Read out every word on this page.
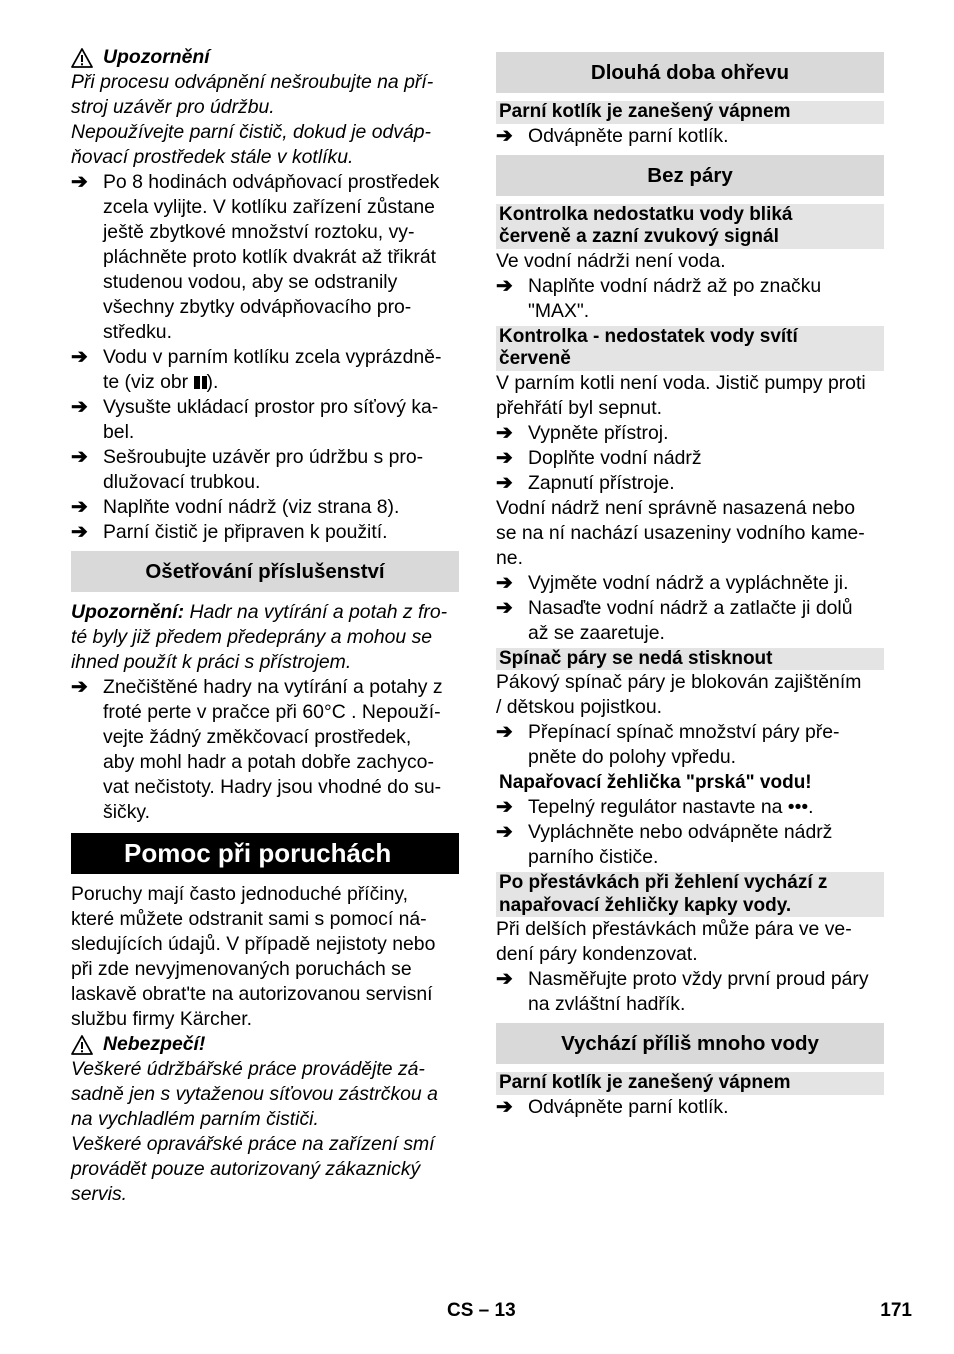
Upozornění

Při procesu odvápnění nešroubujte na pří-

stroj uzávěr pro údržbu.

Nepoužívejte parní čistič, dokud je odváp-

ňovací prostředek stále v kotlíku.

➔ Po 8 hodinách odvápňovací prostředek

zcela vylijte. V kotlíku zařízení zůstane

ještě zbytkové množství roztoku, vy-

pláchněte proto kotlík dvakrát až třikrát

studenou vodou, aby se odstranily

všechny zbytky odvápňovacího pro-

středku.

➔ Vodu v parním kotlíku zcela vyprázdně-

te (viz obr ).

➔ Vysušte ukládací prostor pro síťový ka-

bel.

➔ Sešroubujte uzávěr pro údržbu s pro-

dlužovací trubkou.

➔ Naplňte vodní nádrž (viz strana 8).

➔ Parní čistič je připraven k použití.

Ošetřování příslušenství

Upozornění: Hadr na vytírání a potah z fro-

té byly již předem předeprány a mohou se

ihned použít k práci s přístrojem.

➔ Znečištěné hadry na vytírání a potahy z

froté perte v pračce při 60°C . Nepouží-

vejte žádný změkčovací prostředek,

aby mohl hadr a potah dobře zachyco-

vat nečistoty. Hadry jsou vhodné do su-

šičky.

Pomoc při poruchách

Poruchy mají často jednoduché příčiny,

které můžete odstranit sami s pomocí ná-

sledujících údajů. V případě nejistoty nebo

při zde nevyjmenovaných poruchách se

laskavě obrat'te na autorizovanou servisní

službu firmy Kärcher.

Nebezpečí!

Veškeré údržbářské práce provádějte zá-

sadně jen s vytaženou síťovou zástrčkou a

na vychladlém parním čističi.

Veškeré opravářské práce na zařízení smí

provádět pouze autorizovaný zákaznický

servis.

Dlouhá doba ohřevu
Parní kotlík je zanešený vápnem
➔ Odvápněte parní kotlík.

Bez páry
Kontrolka nedostatku vody bliká
červeně a zazní zvukový signál

Ve vodní nádrži není voda.

➔ Naplňte vodní nádrž až po značku

"MAX".

Kontrolka - nedostatek vody svítí
červeně

V parním kotli není voda. Jistič pumpy proti

přehřátí byl sepnut.

➔ Vypněte přístroj.

➔ Doplňte vodní nádrž

➔ Zapnutí přístroje.

Vodní nádrž není správně nasazená nebo

se na ní nachází usazeniny vodního kame-

ne.

➔ Vyjměte vodní nádrž a vypláchněte ji.

➔ Nasaďte vodní nádrž a zatlačte ji dolů

až se zaaretuje.

Spínač páry se nedá stisknout

Pákový spínač páry je blokován zajištěním

/ dětskou pojistkou.

➔ Přepínací spínač množství páry pře-

pněte do polohy vpředu.

Napařovací žehlička "prská" vodu!
➔ Tepelný regulátor nastavte na •••.

➔ Vypláchněte nebo odvápněte nádrž

parního čističe.

Po přestávkách při žehlení vychází z
napařovací žehličky kapky vody.

Při delších přestávkách může pára ve ve-

dení páry kondenzovat.

➔ Nasměřujte proto vždy první proud páry

na zvláštní hadřík.

Vychází příliš mnoho vody
Parní kotlík je zanešený vápnem
➔ Odvápněte parní kotlík.

CS – 13	171
